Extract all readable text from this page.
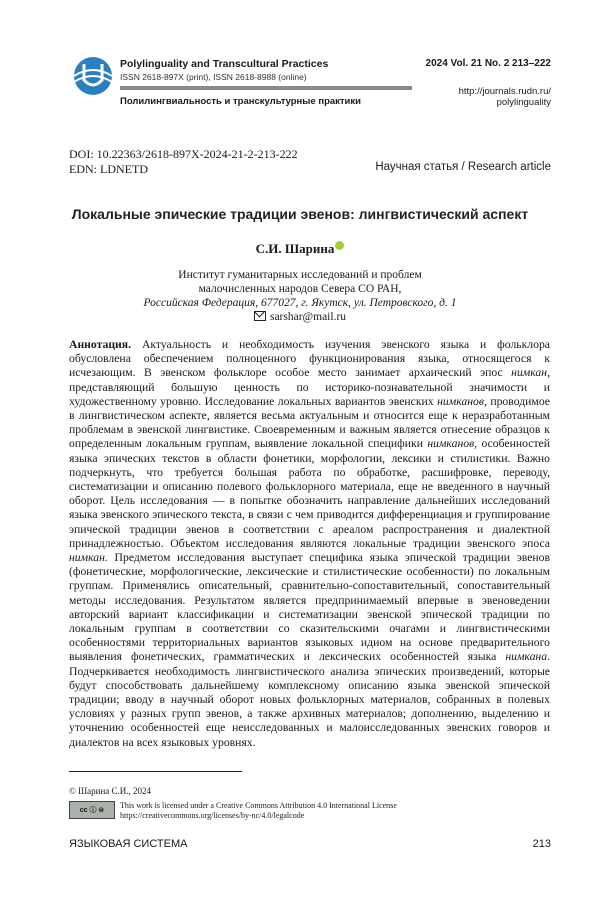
Polylinguality and Transcultural Practices
ISSN 2618-897X (print), ISSN 2618-8988 (online)
Полилингвиальность и транскультурные практики
2024 Vol. 21 No. 2 213–222
http://journals.rudn.ru/
polylinguality
DOI: 10.22363/2618-897X-2024-21-2-213-222
EDN: LDNETD	Научная статья / Research article
Локальные эпические традиции эвенов: лингвистический аспект
С.И. Шарина
Институт гуманитарных исследований и проблем
малочисленных народов Севера СО РАН,
Российская Федерация, 677027, г. Якутск, ул. Петровского, д. 1
sarshar@mail.ru
Аннотация. Актуальность и необходимость изучения эвенского языка и фольклора обусловлена обеспечением полноценного функционирования языка, относящегося к исчезающим. В эвенском фольклоре особое место занимает архаический эпос нимкан, представляющий большую ценность по историко-познавательной значимости и художественному уровню. Исследование локальных вариантов эвенских нимканов, проводимое в лингвистическом аспекте, является весьма актуальным и относится еще к неразработанным проблемам в эвенской лингвистике. Своевременным и важным является отнесение образцов к определенным локальным группам, выявление локальной специфики нимканов, особенностей языка эпических текстов в области фонетики, морфологии, лексики и стилистики. Важно подчеркнуть, что требуется большая работа по обработке, расшифровке, переводу, систематизации и описанию полевого фольклорного материала, еще не введенного в научный оборот. Цель исследования — в попытке обозначить направление дальнейших исследований языка эвенского эпического текста, в связи с чем приводится дифференциация и группирование эпической традиции эвенов в соответствии с ареалом распространения и диалектной принадлежностью. Объектом исследования являются локальные традиции эвенского эпоса нимкан. Предметом исследования выступает специфика языка эпической традиции эвенов (фонетические, морфологические, лексические и стилистические особенности) по локальным группам. Применялись описательный, сравнительно-сопоставительный, сопоставительный методы исследования. Результатом является предпринимаемый впервые в эвеноведении авторский вариант классификации и систематизации эвенской эпической традиции по локальным группам в соответствии со сказительскими очагами и лингвистическими особенностями территориальных вариантов языковых идиом на основе предварительного выявления фонетических, грамматических и лексических особенностей языка нимкана. Подчеркивается необходимость лингвистического анализа эпических произведений, которые будут способствовать дальнейшему комплексному описанию языка эвенской эпической традиции; вводу в научный оборот новых фольклорных материалов, собранных в полевых условиях у разных групп эвенов, а также архивных материалов; дополнению, выделению и уточнению особенностей еще неисследованных и малоисследованных эвенских говоров и диалектов на всех языковых уровнях.
© Шарина С.И., 2024
cc ⓘ ⊜
This work is licensed under a Creative Commons Attribution 4.0 International License
https://creativecommons.org/licenses/by-nc/4.0/legalcode
ЯЗЫКОВАЯ СИСТЕМА	213
